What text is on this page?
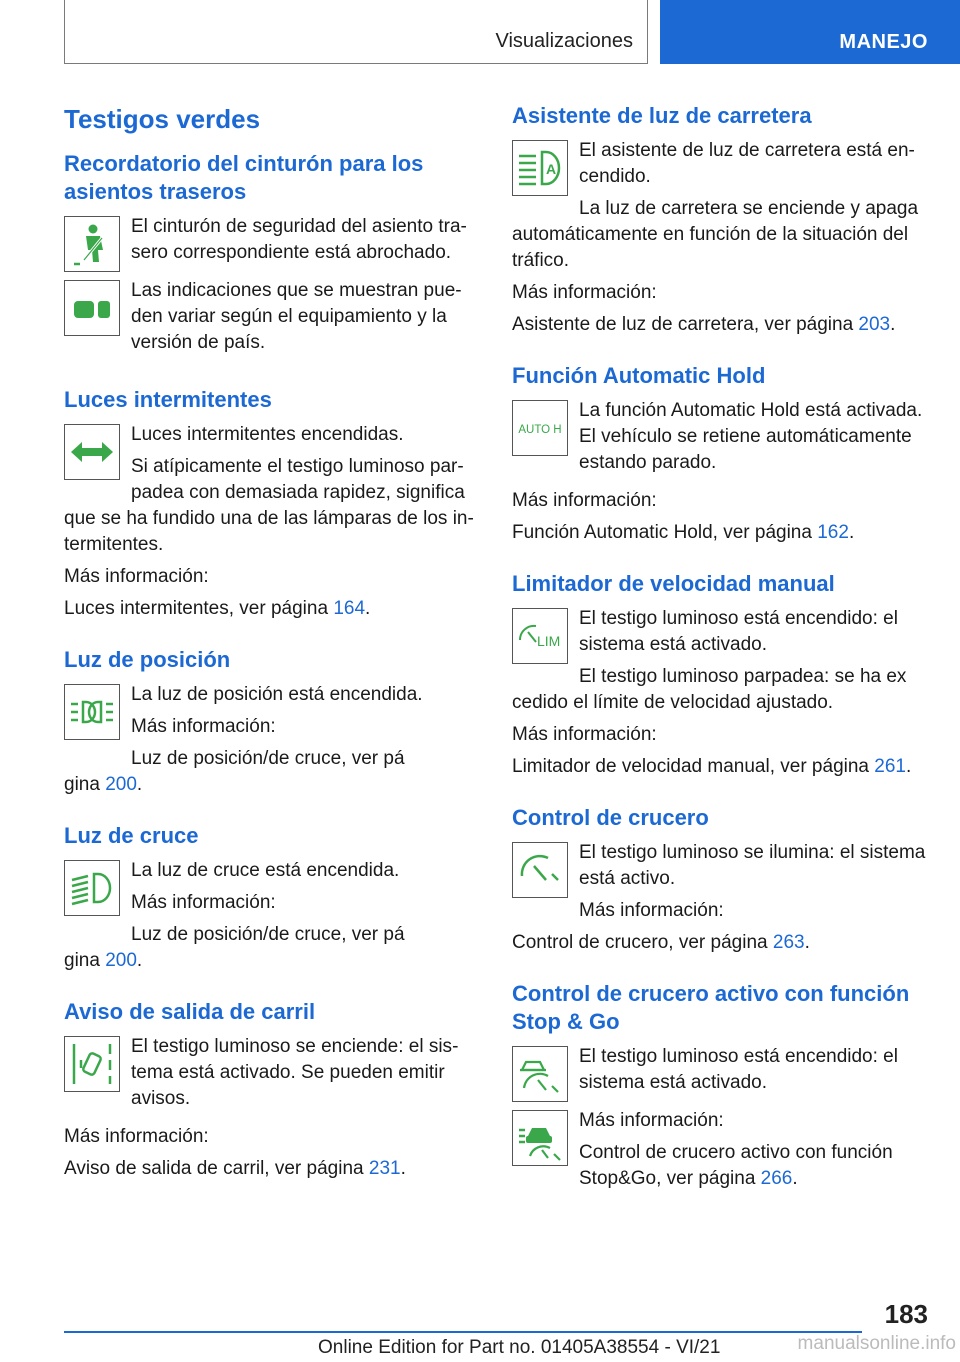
Visualizaciones	MANEJO
Testigos verdes
Recordatorio del cinturón para los asientos traseros

El cinturón de seguridad del asiento trasero correspondiente está abrochado.

Las indicaciones que se muestran pueden variar según el equipamiento y la versión de país.

Luces intermitentes

Luces intermitentes encendidas.

Si atípicamente el testigo luminoso parpadea con demasiada rapidez, significa

que se ha fundido una de las lámparas de los intermitentes.
Más información:
Luces intermitentes, ver página 164.
Luz de posición

La luz de posición está encendida.

Más información:

Luz de posición/de cruce, ver pá

gina 200.
Luz de cruce

La luz de cruce está encendida.

Más información:

Luz de posición/de cruce, ver pá

gina 200.
Aviso de salida de carril

El testigo luminoso se enciende: el sistema está activado. Se pueden emitir avisos.

Más información:
Aviso de salida de carril, ver página 231.
Asistente de luz de carretera
A

El asistente de luz de carretera está encendido.

La luz de carretera se enciende y apaga

automáticamente en función de la situación del tráfico.
Más información:
Asistente de luz de carretera, ver página 203.
Función Automatic Hold
AUTO H

La función Automatic Hold está activada. El vehículo se retiene automáticamente estando parado.

Más información:
Función Automatic Hold, ver página 162.
Limitador de velocidad manual
LIM

El testigo luminoso está encendido: el sistema está activado.

El testigo luminoso parpadea: se ha ex

cedido el límite de velocidad ajustado.
Más información:
Limitador de velocidad manual, ver página 261.
Control de crucero

El testigo luminoso se ilumina: el sistema está activo.

Más información:

Control de crucero, ver página 263.
Control de crucero activo con función Stop & Go

El testigo luminoso está encendido: el sistema está activado.

Más información:

Control de crucero activo con función Stop&Go, ver página 266.

183
Online Edition for Part no. 01405A38554 - VI/21	manualsonline.info
